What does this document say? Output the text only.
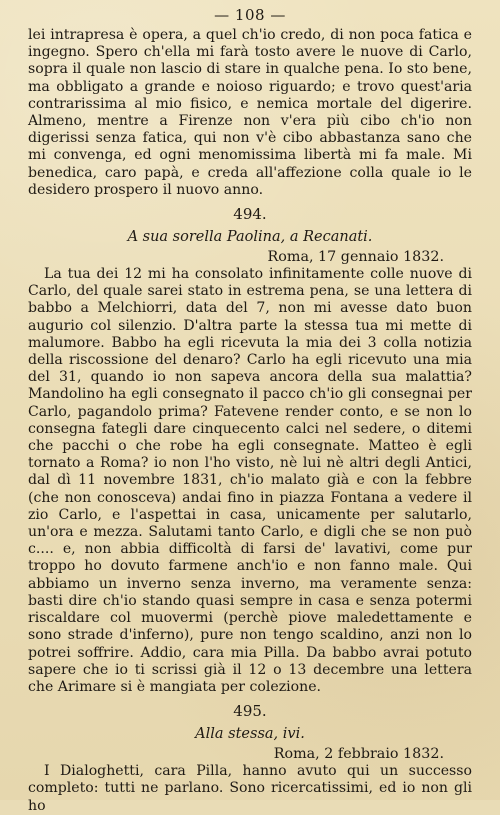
— 108 —

lei intrapresa è opera, a quel ch'io credo, di non poca fatica e ingegno. Spero ch'ella mi farà tosto avere le nuove di Carlo, sopra il quale non lascio di stare in qualche pena. Io sto bene, ma obbligato a grande e noioso riguardo; e trovo quest'aria contrarissima al mio fisico, e nemica mortale del digerire. Almeno, mentre a Firenze non v'era più cibo ch'io non digerissi senza fatica, qui non v'è cibo abbastanza sano che mi convenga, ed ogni menomissima libertà mi fa male. Mi benedica, caro papà, e creda all'affezione colla quale io le desidero prospero il nuovo anno.

494.
A sua sorella Paolina, a Recanati.
Roma, 17 gennaio 1832.

La tua dei 12 mi ha consolato infinitamente colle nuove di Carlo, del quale sarei stato in estrema pena, se una lettera di babbo a Melchiorri, data del 7, non mi avesse dato buon augurio col silenzio. D'altra parte la stessa tua mi mette di malumore. Babbo ha egli ricevuta la mia dei 3 colla notizia della riscossione del denaro? Carlo ha egli ricevuto una mia del 31, quando io non sapeva ancora della sua malattia? Mandolino ha egli consegnato il pacco ch'io gli consegnai per Carlo, pagandolo prima? Fatevene render conto, e se non lo consegna fategli dare cinquecento calci nel sedere, o ditemi che pacchi o che robe ha egli consegnate. Matteo è egli tornato a Roma? io non l'ho visto, nè lui nè altri degli Antici, dal dì 11 novembre 1831, ch'io malato già e con la febbre (che non conosceva) andai fino in piazza Fontana a vedere il zio Carlo, e l'aspettai in casa, unicamente per salutarlo, un'ora e mezza. Salutami tanto Carlo, e digli che se non può c.... e, non abbia difficoltà di farsi de' lavativi, come pur troppo ho dovuto farmene anch'io e non fanno male. Qui abbiamo un inverno senza inverno, ma veramente senza: basti dire ch'io stando quasi sempre in casa e senza potermi riscaldare col muovermi (perchè piove maledettamente e sono strade d'inferno), pure non tengo scaldino, anzi non lo potrei soffrire. Addio, cara mia Pilla. Da babbo avrai potuto sapere che io ti scrissi già il 12 o 13 decembre una lettera che Arimare si è mangiata per colezione.

495.
Alla stessa, ivi.
Roma, 2 febbraio 1832.

I Dialoghetti, cara Pilla, hanno avuto qui un successo completo: tutti ne parlano. Sono ricercatissimi, ed io non gli ho
